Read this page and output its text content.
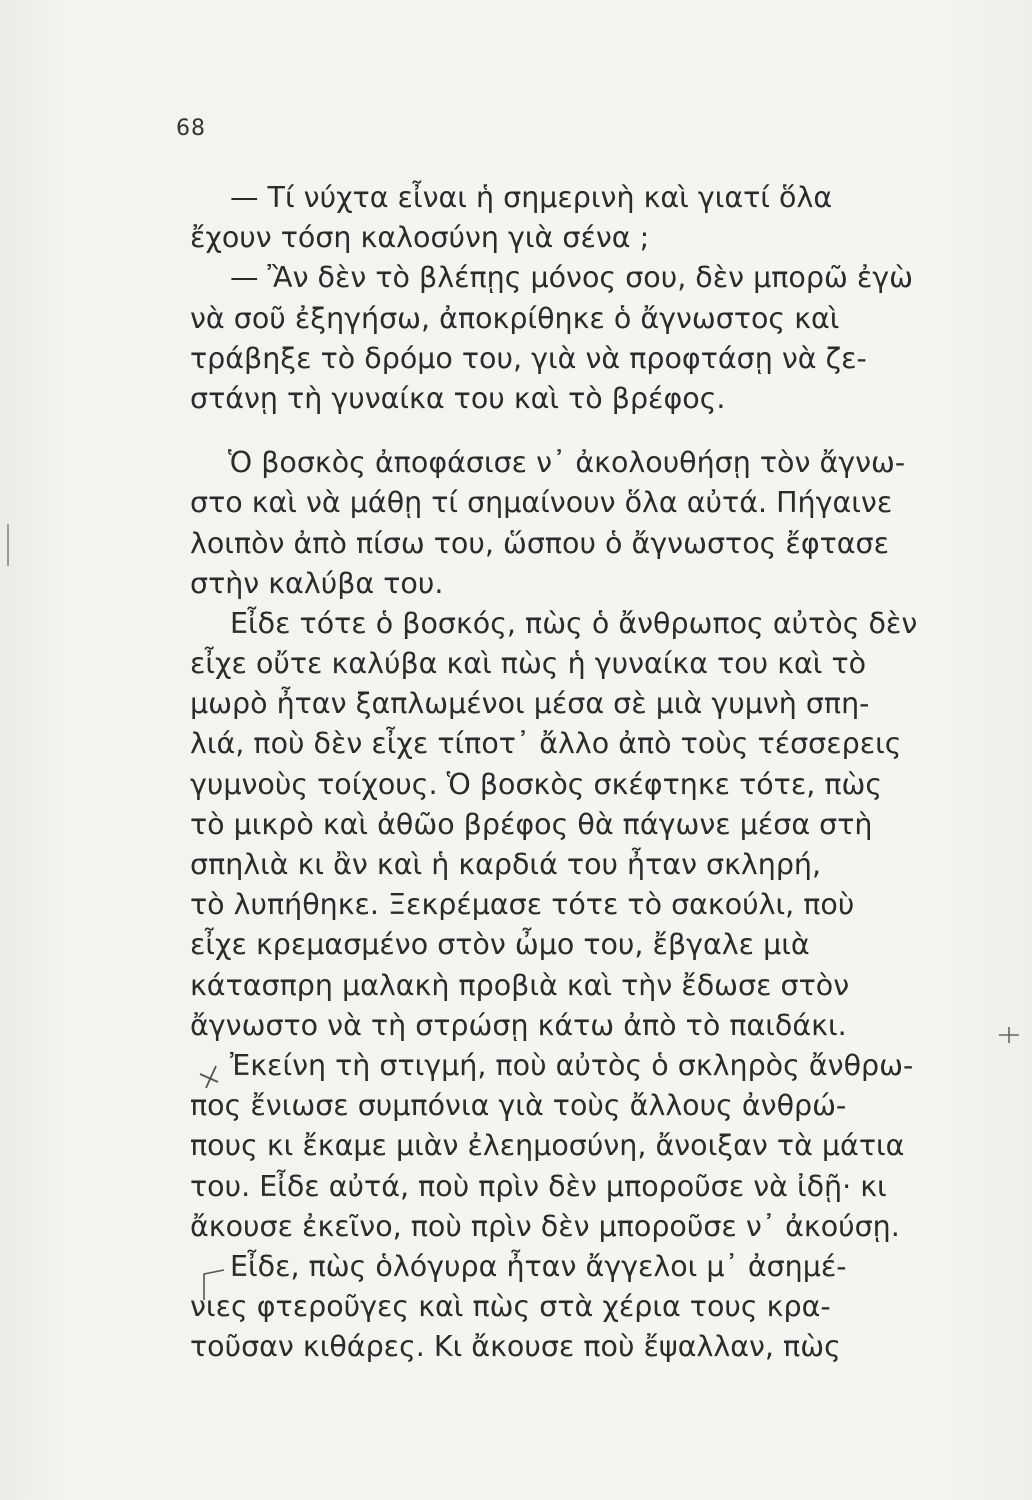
68
— Τί νύχτα εἶναι ἡ σημερινὴ καὶ γιατί ὅλα
ἔχουν τόση καλοσύνη γιὰ σένα ;
— Ἂν δὲν τὸ βλέπῃς μόνος σου, δὲν μπορῶ ἐγὼ
νὰ σοῦ ἐξηγήσω, ἀποκρίθηκε ὁ ἄγνωστος καὶ
τράβηξε τὸ δρόμο του, γιὰ νὰ προφτάσῃ νὰ ζε-
στάνῃ τὴ γυναίκα του καὶ τὸ βρέφος.
Ὁ βοσκὸς ἀποφάσισε ν᾽ ἀκολουθήσῃ τὸν ἄγνω-
στο καὶ νὰ μάθῃ τί σημαίνουν ὅλα αὐτά. Πήγαινε
λοιπὸν ἀπὸ πίσω του, ὥσπου ὁ ἄγνωστος ἔφτασε
στὴν καλύβα του.
Εἶδε τότε ὁ βοσκός, πὼς ὁ ἄνθρωπος αὐτὸς δὲν
εἶχε οὔτε καλύβα καὶ πὼς ἡ γυναίκα του καὶ τὸ
μωρὸ ἦταν ξαπλωμένοι μέσα σὲ μιὰ γυμνὴ σπη-
λιά, ποὺ δὲν εἶχε τίποτ᾽ ἄλλο ἀπὸ τοὺς τέσσερεις
γυμνοὺς τοίχους. Ὁ βοσκὸς σκέφτηκε τότε, πὼς
τὸ μικρὸ καὶ ἀθῶο βρέφος θὰ πάγωνε μέσα στὴ
σπηλιὰ κι ἂν καὶ ἡ καρδιά του ἦταν σκληρή,
τὸ λυπήθηκε. Ξεκρέμασε τότε τὸ σακούλι, ποὺ
εἶχε κρεμασμένο στὸν ὦμο του, ἔβγαλε μιὰ
κάτασπρη μαλακὴ προβιὰ καὶ τὴν ἔδωσε στὸν
ἄγνωστο νὰ τὴ στρώσῃ κάτω ἀπὸ τὸ παιδάκι.
Ἐκείνη τὴ στιγμή, ποὺ αὐτὸς ὁ σκληρὸς ἄνθρω-
πος ἔνιωσε συμπόνια γιὰ τοὺς ἄλλους ἀνθρώ-
πους κι ἔκαμε μιὰν ἐλεημοσύνη, ἄνοιξαν τὰ μάτια
του. Εἶδε αὐτά, ποὺ πρὶν δὲν μποροῦσε νὰ ἰδῇ· κι
ἄκουσε ἐκεῖνο, ποὺ πρὶν δὲν μποροῦσε ν᾽ ἀκούσῃ.
Εἶδε, πὼς ὁλόγυρα ἦταν ἄγγελοι μ᾽ ἀσημέ-
νιες φτεροῦγες καὶ πὼς στὰ χέρια τους κρα-
τοῦσαν κιθάρες. Κι ἄκουσε ποὺ ἔψαλλαν, πὼς
